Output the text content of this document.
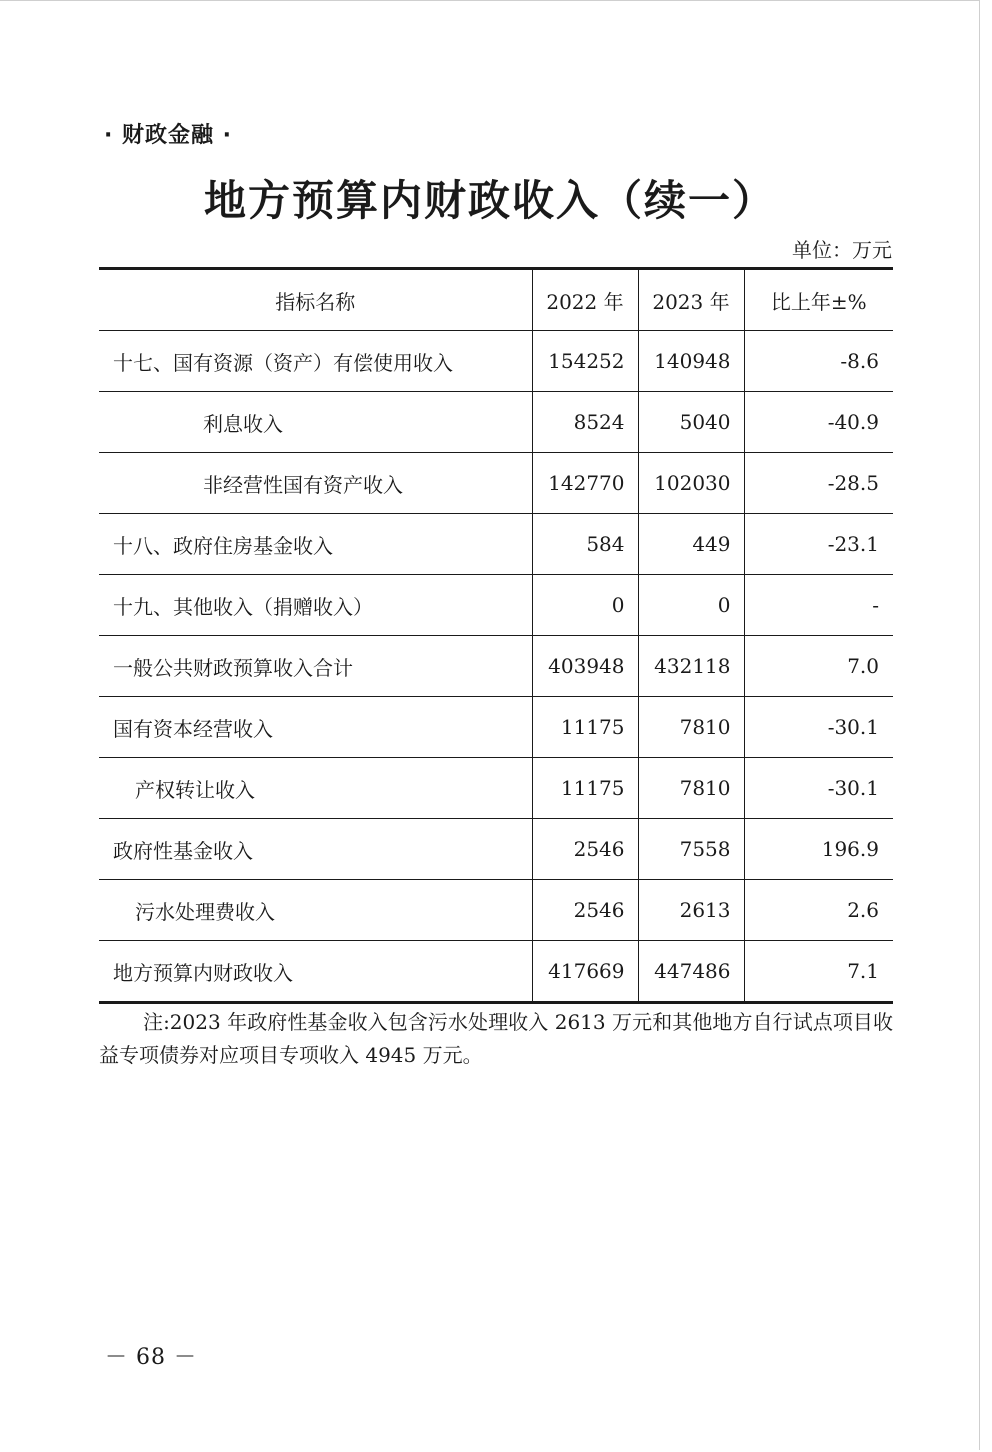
· 财政金融 ·
地方预算内财政收入（续一）
单位：万元
指标名称	2022 年	2023 年	比上年±%
十七、国有资源（资产）有偿使用收入	154252	140948	-8.6
利息收入	8524	5040	-40.9
非经营性国有资产收入	142770	102030	-28.5
十八、政府住房基金收入	584	449	-23.1
十九、其他收入（捐赠收入）	0	0	-
一般公共财政预算收入合计	403948	432118	7.0
国有资本经营收入	11175	7810	-30.1
产权转让收入	11175	7810	-30.1
政府性基金收入	2546	7558	196.9
污水处理费收入	2546	2613	2.6
地方预算内财政收入	417669	447486	7.1

注:2023 年政府性基金收入包含污水处理收入 2613 万元和其他地方自行试点项目收益专项债券对应项目专项收入 4945 万元。

－ 68 －
